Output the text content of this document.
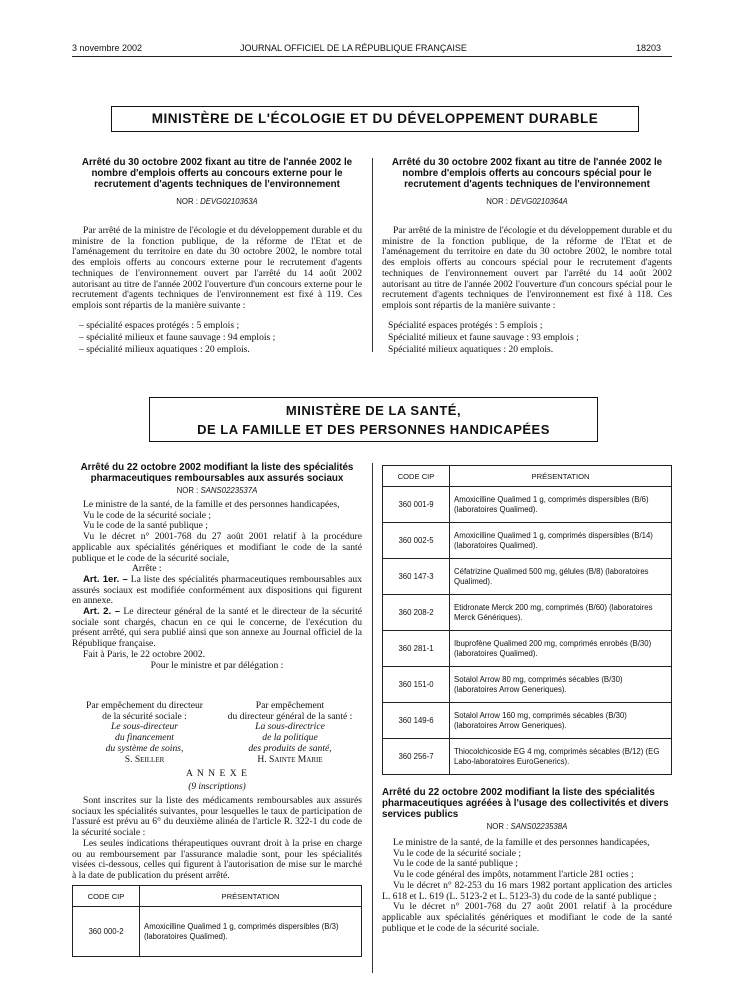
3 novembre 2002	JOURNAL OFFICIEL DE LA RÉPUBLIQUE FRANÇAISE	18203
MINISTÈRE DE L'ÉCOLOGIE ET DU DÉVELOPPEMENT DURABLE
Arrêté du 30 octobre 2002 fixant au titre de l'année 2002 le nombre d'emplois offerts au concours externe pour le recrutement d'agents techniques de l'environnement
NOR : DEVG0210363A

Par arrêté de la ministre de l'écologie et du développement durable et du ministre de la fonction publique, de la réforme de l'Etat et de l'aménagement du territoire en date du 30 octobre 2002, le nombre total des emplois offerts au concours externe pour le recrutement d'agents techniques de l'environnement ouvert par l'arrêté du 14 août 2002 autorisant au titre de l'année 2002 l'ouverture d'un concours externe pour le recrutement d'agents techniques de l'environnement est fixé à 119. Ces emplois sont répartis de la manière suivante :

– spécialité espaces protégés : 5 emplois ;
– spécialité milieux et faune sauvage : 94 emplois ;
– spécialité milieux aquatiques : 20 emplois.
Arrêté du 30 octobre 2002 fixant au titre de l'année 2002 le nombre d'emplois offerts au concours spécial pour le recrutement d'agents techniques de l'environnement
NOR : DEVG0210364A

Par arrêté de la ministre de l'écologie et du développement durable et du ministre de la fonction publique, de la réforme de l'Etat et de l'aménagement du territoire en date du 30 octobre 2002, le nombre total des emplois offerts au concours spécial pour le recrutement d'agents techniques de l'environnement ouvert par l'arrêté du 14 août 2002 autorisant au titre de l'année 2002 l'ouverture d'un concours spécial pour le recrutement d'agents techniques de l'environnement est fixé à 118. Ces emplois sont répartis de la manière suivante :

Spécialité espaces protégés : 5 emplois ;
Spécialité milieux et faune sauvage : 93 emplois ;
Spécialité milieux aquatiques : 20 emplois.
MINISTÈRE DE LA SANTÉ,
DE LA FAMILLE ET DES PERSONNES HANDICAPÉES
Arrêté du 22 octobre 2002 modifiant la liste des spécialités pharmaceutiques remboursables aux assurés sociaux
NOR : SANS0223537A

Le ministre de la santé, de la famille et des personnes handicapées,

Vu le code de la sécurité sociale ;

Vu le code de la santé publique ;

Vu le décret n° 2001-768 du 27 août 2001 relatif à la procédure applicable aux spécialités génériques et modifiant le code de la santé publique et le code de la sécurité sociale,

Arrête :

Art. 1er. – La liste des spécialités pharmaceutiques remboursables aux assurés sociaux est modifiée conformément aux dispositions qui figurent en annexe.

Art. 2. – Le directeur général de la santé et le directeur de la sécurité sociale sont chargés, chacun en ce qui le concerne, de l'exécution du présent arrêté, qui sera publié ainsi que son annexe au Journal officiel de la République française.

Fait à Paris, le 22 octobre 2002.

Pour le ministre et par délégation :

Par empêchement du directeur
de la sécurité sociale :
Le sous-directeur
du financement
du système de soins,
S. Seiller
Par empêchement
du directeur général de la santé :
La sous-directrice
de la politique
des produits de santé,
H. Sainte Marie
A N N E X E
(9 inscriptions)

Sont inscrites sur la liste des médicaments remboursables aux assurés sociaux les spécialités suivantes, pour lesquelles le taux de participation de l'assuré est prévu au 6° du deuxième alinéa de l'article R. 322-1 du code de la sécurité sociale :

Les seules indications thérapeutiques ouvrant droit à la prise en charge ou au remboursement par l'assurance maladie sont, pour les spécialités visées ci-dessous, celles qui figurent à l'autorisation de mise sur le marché à la date de publication du présent arrêté.

CODE CIP	PRÉSENTATION
360 000-2	Amoxicilline Qualimed 1 g, comprimés dispersibles (B/3) (laboratoires Qualimed).
CODE CIP	PRÉSENTATION
360 001-9	Amoxicilline Qualimed 1 g, comprimés dispersibles (B/6) (laboratoires Qualimed).
360 002-5	Amoxicilline Qualimed 1 g, comprimés dispersibles (B/14) (laboratoires Qualimed).
360 147-3	Céfatrizine Qualimed 500 mg, gélules (B/8) (laboratoires Qualimed).
360 208-2	Etidronate Merck 200 mg, comprimés (B/60) (laboratoires Merck Génériques).
360 281-1	Ibuprofène Qualimed 200 mg, comprimés enrobés (B/30) (laboratoires Qualimed).
360 151-0	Sotalol Arrow 80 mg, comprimés sécables (B/30) (laboratoires Arrow Generiques).
360 149-6	Sotalol Arrow 160 mg, comprimés sécables (B/30) (laboratoires Arrow Generiques).
360 256-7	Thiocolchicoside EG 4 mg, comprimés sécables (B/12) (EG Labo-laboratoires EuroGenerics).
Arrêté du 22 octobre 2002 modifiant la liste des spécialités pharmaceutiques agréées à l'usage des collectivités et divers services publics
NOR : SANS0223538A

Le ministre de la santé, de la famille et des personnes handicapées,

Vu le code de la sécurité sociale ;

Vu le code de la santé publique ;

Vu le code général des impôts, notamment l'article 281 octies ;

Vu le décret n° 82-253 du 16 mars 1982 portant application des articles L. 618 et L. 619 (L. 5123-2 et L. 5123-3) du code de la santé publique ;

Vu le décret n° 2001-768 du 27 août 2001 relatif à la procédure applicable aux spécialités génériques et modifiant le code de la santé publique et le code de la sécurité sociale.
